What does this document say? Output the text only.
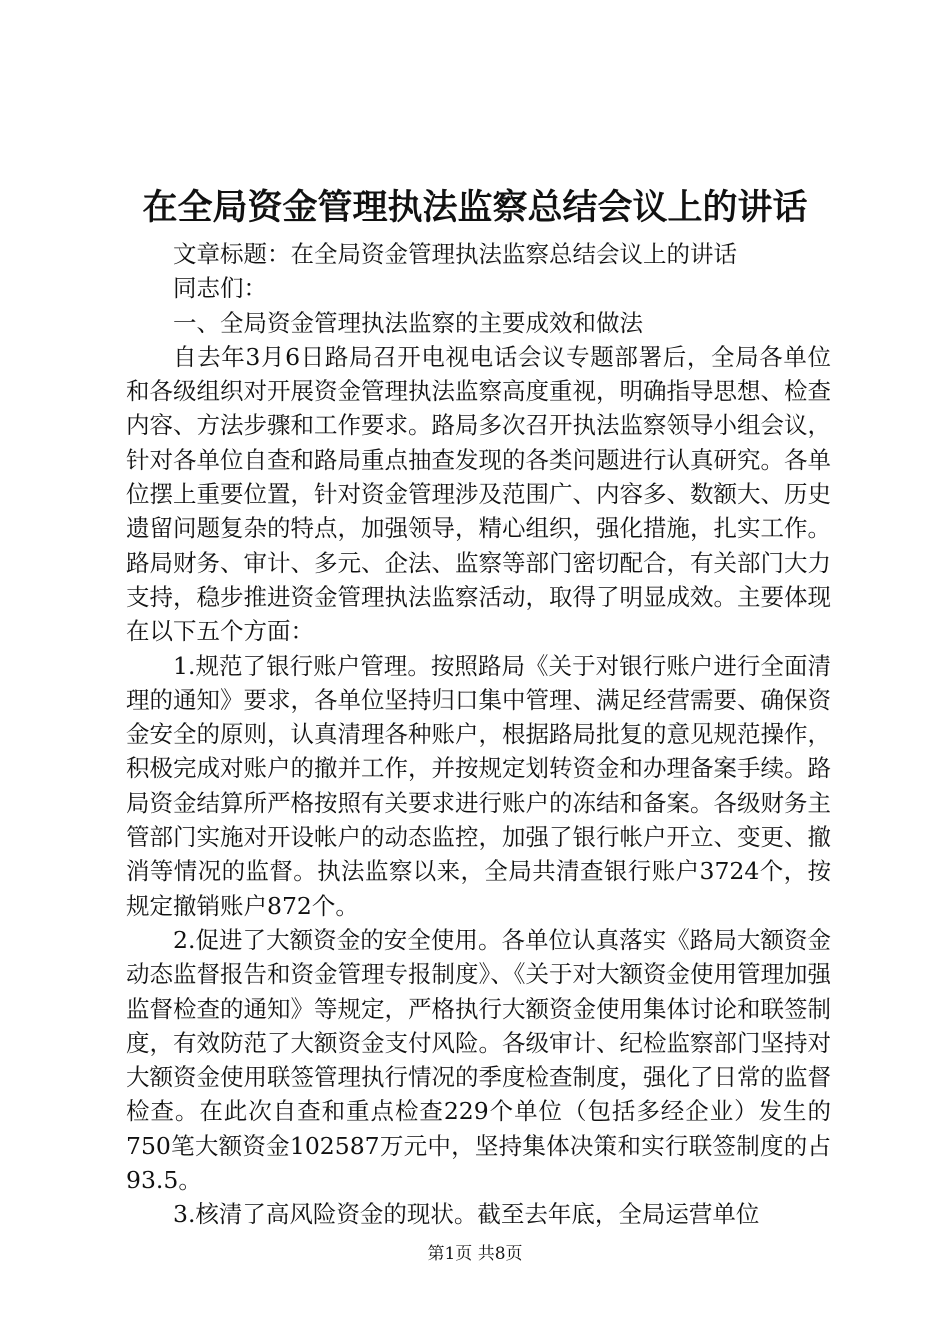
在全局资金管理执法监察总结会议上的讲话

文章标题：在全局资金管理执法监察总结会议上的讲话

同志们：

一、全局资金管理执法监察的主要成效和做法

自去年3月6日路局召开电视电话会议专题部署后，全局各单位和各级组织对开展资金管理执法监察高度重视，明确指导思想、检查内容、方法步骤和工作要求。路局多次召开执法监察领导小组会议，针对各单位自查和路局重点抽查发现的各类问题进行认真研究。各单位摆上重要位置，针对资金管理涉及范围广、内容多、数额大、历史遗留问题复杂的特点，加强领导，精心组织，强化措施，扎实工作。路局财务、审计、多元、企法、监察等部门密切配合，有关部门大力支持，稳步推进资金管理执法监察活动，取得了明显成效。主要体现在以下五个方面：

1.规范了银行账户管理。按照路局《关于对银行账户进行全面清理的通知》要求，各单位坚持归口集中管理、满足经营需要、确保资金安全的原则，认真清理各种账户，根据路局批复的意见规范操作，积极完成对账户的撤并工作，并按规定划转资金和办理备案手续。路局资金结算所严格按照有关要求进行账户的冻结和备案。各级财务主管部门实施对开设帐户的动态监控，加强了银行帐户开立、变更、撤消等情况的监督。执法监察以来，全局共清查银行账户3724个，按规定撤销账户872个。

2.促进了大额资金的安全使用。各单位认真落实《路局大额资金动态监督报告和资金管理专报制度》、《关于对大额资金使用管理加强监督检查的通知》等规定，严格执行大额资金使用集体讨论和联签制度，有效防范了大额资金支付风险。各级审计、纪检监察部门坚持对大额资金使用联签管理执行情况的季度检查制度，强化了日常的监督检查。在此次自查和重点检查229个单位（包括多经企业）发生的750笔大额资金102587万元中，坚持集体决策和实行联签制度的占93.5。

3.核清了高风险资金的现状。截至去年底，全局运营单位

第1页 共8页
